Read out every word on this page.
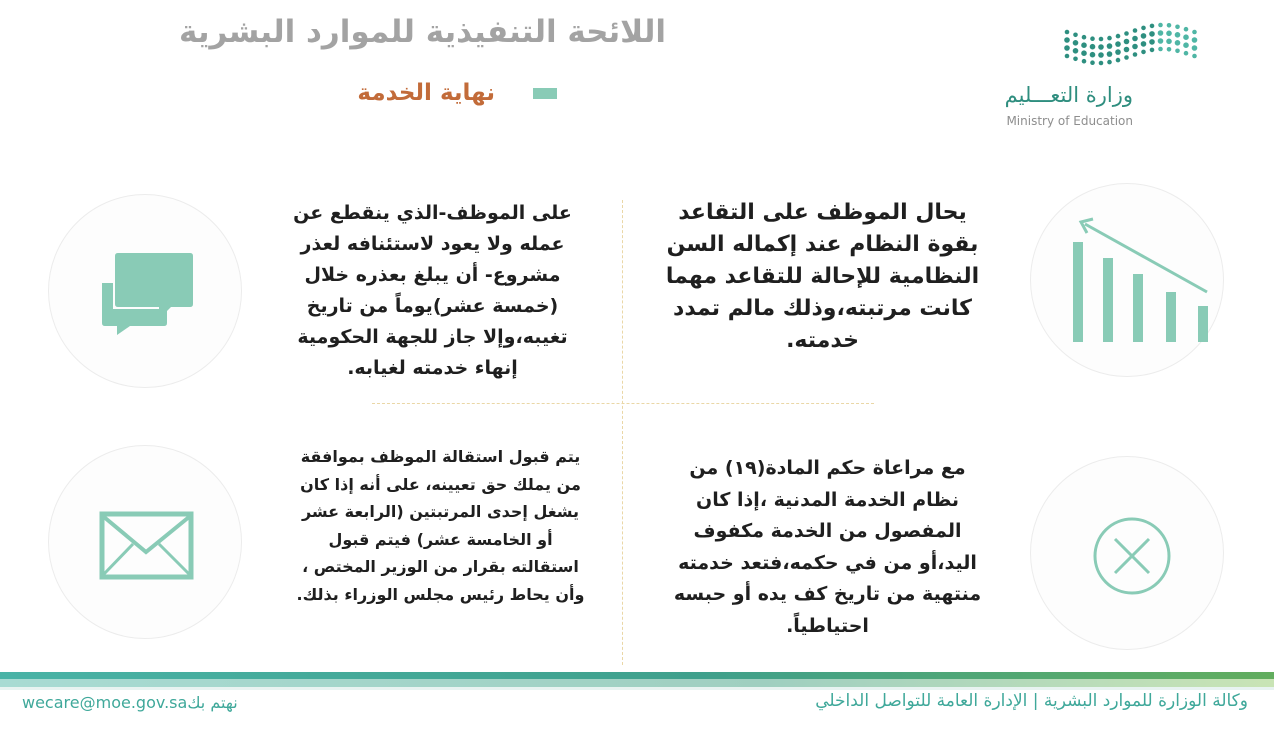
اللائحة التنفيذية للموارد البشرية
نهاية الخدمة	وزارة التعـــليم
Ministry of Education
يحال الموظف على التقاعد
بقوة النظام عند إكماله السن
النظامية للإحالة للتقاعد مهما
كانت مرتبته،وذلك مالم تمدد
خدمته.
على الموظف-الذي ينقطع عن
عمله ولا يعود لاستئنافه لعذر
مشروع- أن يبلغ بعذره خلال
(خمسة عشر)يوماً من تاريخ
تغيبه،وإلا جاز للجهة الحكومية
إنهاء خدمته لغيابه.
مع مراعاة حكم المادة(١٩) من
نظام الخدمة المدنية ،إذا كان
المفصول من الخدمة مكفوف
اليد،أو من في حكمه،فتعد خدمته
منتهية من تاريخ كف يده أو حبسه
احتياطياً.
يتم قبول استقالة الموظف بموافقة
من يملك حق تعيينه، على أنه إذا كان
يشغل إحدى المرتبتين (الرابعة عشر
أو الخامسة عشر) فيتم قبول
استقالته بقرار من الوزير المختص ،
وأن يحاط رئيس مجلس الوزراء بذلك.
وكالة الوزارة للموارد البشرية | الإدارة العامة للتواصل الداخلي
wecare@moe.gov.saنهتم بك
